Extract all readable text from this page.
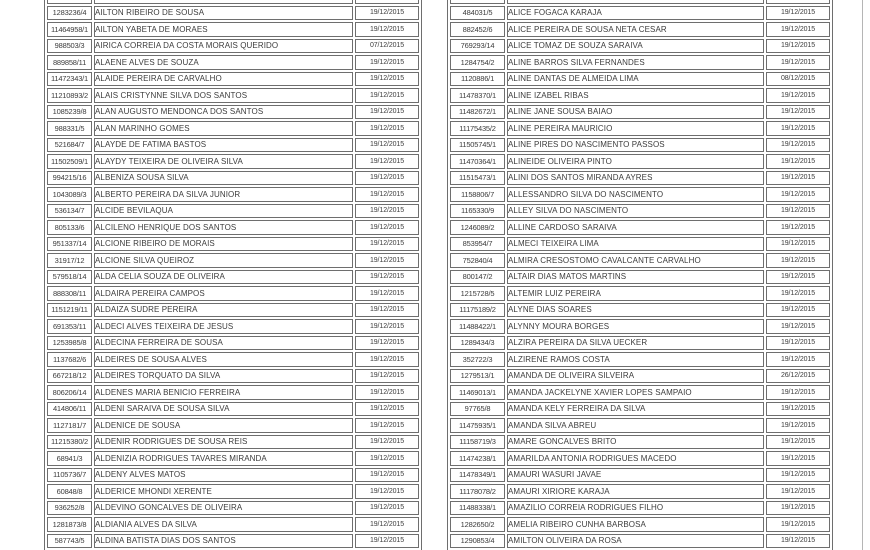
1283236/4	AILTON RIBEIRO DE SOUSA	19/12/2015
11464958/1	AILTON YABETA DE MORAES	19/12/2015
988503/3	AIRICA CORREIA DA COSTA MORAIS QUERIDO	07/12/2015
889858/11	ALAENE ALVES DE SOUZA	19/12/2015
11472343/1	ALAIDE PEREIRA DE CARVALHO	19/12/2015
11210893/2	ALAIS CRISTYNNE SILVA DOS SANTOS	19/12/2015
1085239/8	ALAN AUGUSTO MENDONCA DOS SANTOS	19/12/2015
988331/5	ALAN MARINHO GOMES	19/12/2015
521684/7	ALAYDE DE FATIMA BASTOS	19/12/2015
11502509/1	ALAYDY TEIXEIRA DE OLIVEIRA SILVA	19/12/2015
994215/16	ALBENIZA SOUSA SILVA	19/12/2015
1043089/3	ALBERTO PEREIRA DA SILVA JUNIOR	19/12/2015
536134/7	ALCIDE BEVILAQUA	19/12/2015
805133/6	ALCILENO HENRIQUE DOS SANTOS	19/12/2015
951337/14	ALCIONE RIBEIRO DE MORAIS	19/12/2015
31917/12	ALCIONE SILVA QUEIROZ	19/12/2015
579518/14	ALDA CELIA SOUZA DE OLIVEIRA	19/12/2015
888308/11	ALDAIRA PEREIRA CAMPOS	19/12/2015
1151219/11	ALDAIZA SUDRE PEREIRA	19/12/2015
691353/11	ALDECI ALVES TEIXEIRA DE JESUS	19/12/2015
1253985/8	ALDECINA FERREIRA DE SOUSA	19/12/2015
1137682/6	ALDEIRES DE SOUSA ALVES	19/12/2015
667218/12	ALDEIRES TORQUATO DA SILVA	19/12/2015
806206/14	ALDENES MARIA BENICIO FERREIRA	19/12/2015
414806/11	ALDENI SARAIVA DE SOUSA SILVA	19/12/2015
1127181/7	ALDENICE DE SOUSA	19/12/2015
11215380/2	ALDENIR RODRIGUES DE SOUSA REIS	19/12/2015
68941/3	ALDENIZIA RODRIGUES TAVARES MIRANDA	19/12/2015
1105736/7	ALDENY ALVES MATOS	19/12/2015
60848/8	ALDERICE MHONDI XERENTE	19/12/2015
936252/8	ALDEVINO GONCALVES DE OLIVEIRA	19/12/2015
1281873/8	ALDIANIA ALVES DA SILVA	19/12/2015
587743/5	ALDINA BATISTA DIAS DOS SANTOS	19/12/2015

484031/5	ALICE FOGACA KARAJA	19/12/2015
882452/6	ALICE PEREIRA DE SOUSA NETA CESAR	19/12/2015
769293/14	ALICE TOMAZ DE SOUZA SARAIVA	19/12/2015
1284754/2	ALINE BARROS SILVA FERNANDES	19/12/2015
1120886/1	ALINE DANTAS DE ALMEIDA LIMA	08/12/2015
11478370/1	ALINE IZABEL RIBAS	19/12/2015
11482672/1	ALINE JANE SOUSA BAIAO	19/12/2015
11175435/2	ALINE PEREIRA MAURICIO	19/12/2015
11505745/1	ALINE PIRES DO NASCIMENTO PASSOS	19/12/2015
11470364/1	ALINEIDE OLIVEIRA PINTO	19/12/2015
11515473/1	ALINI DOS SANTOS MIRANDA AYRES	19/12/2015
1158806/7	ALLESSANDRO SILVA DO NASCIMENTO	19/12/2015
1165330/9	ALLEY SILVA DO NASCIMENTO	19/12/2015
1246089/2	ALLINE CARDOSO SARAIVA	19/12/2015
853954/7	ALMECI TEIXEIRA LIMA	19/12/2015
752840/4	ALMIRA CRESOSTOMO CAVALCANTE CARVALHO	19/12/2015
800147/2	ALTAIR DIAS MATOS MARTINS	19/12/2015
1215728/5	ALTEMIR LUIZ PEREIRA	19/12/2015
11175189/2	ALYNE DIAS SOARES	19/12/2015
11488422/1	ALYNNY MOURA BORGES	19/12/2015
1289434/3	ALZIRA PEREIRA DA SILVA UECKER	19/12/2015
352722/3	ALZIRENE RAMOS COSTA	19/12/2015
1279513/1	AMANDA DE OLIVEIRA SILVEIRA	26/12/2015
11469013/1	AMANDA JACKELYNE XAVIER LOPES SAMPAIO	19/12/2015
97765/8	AMANDA KELY FERREIRA DA SILVA	19/12/2015
11475935/1	AMANDA SILVA ABREU	19/12/2015
11158719/3	AMARE GONCALVES BRITO	19/12/2015
11474238/1	AMARILDA ANTONIA RODRIGUES MACEDO	19/12/2015
11478349/1	AMAURI WASURI JAVAE	19/12/2015
11178078/2	AMAURI XIRIORE KARAJA	19/12/2015
11488338/1	AMAZILIO CORREIA RODRIGUES FILHO	19/12/2015
1282650/2	AMELIA RIBEIRO CUNHA BARBOSA	19/12/2015
1290853/4	AMILTON OLIVEIRA DA ROSA	19/12/2015
